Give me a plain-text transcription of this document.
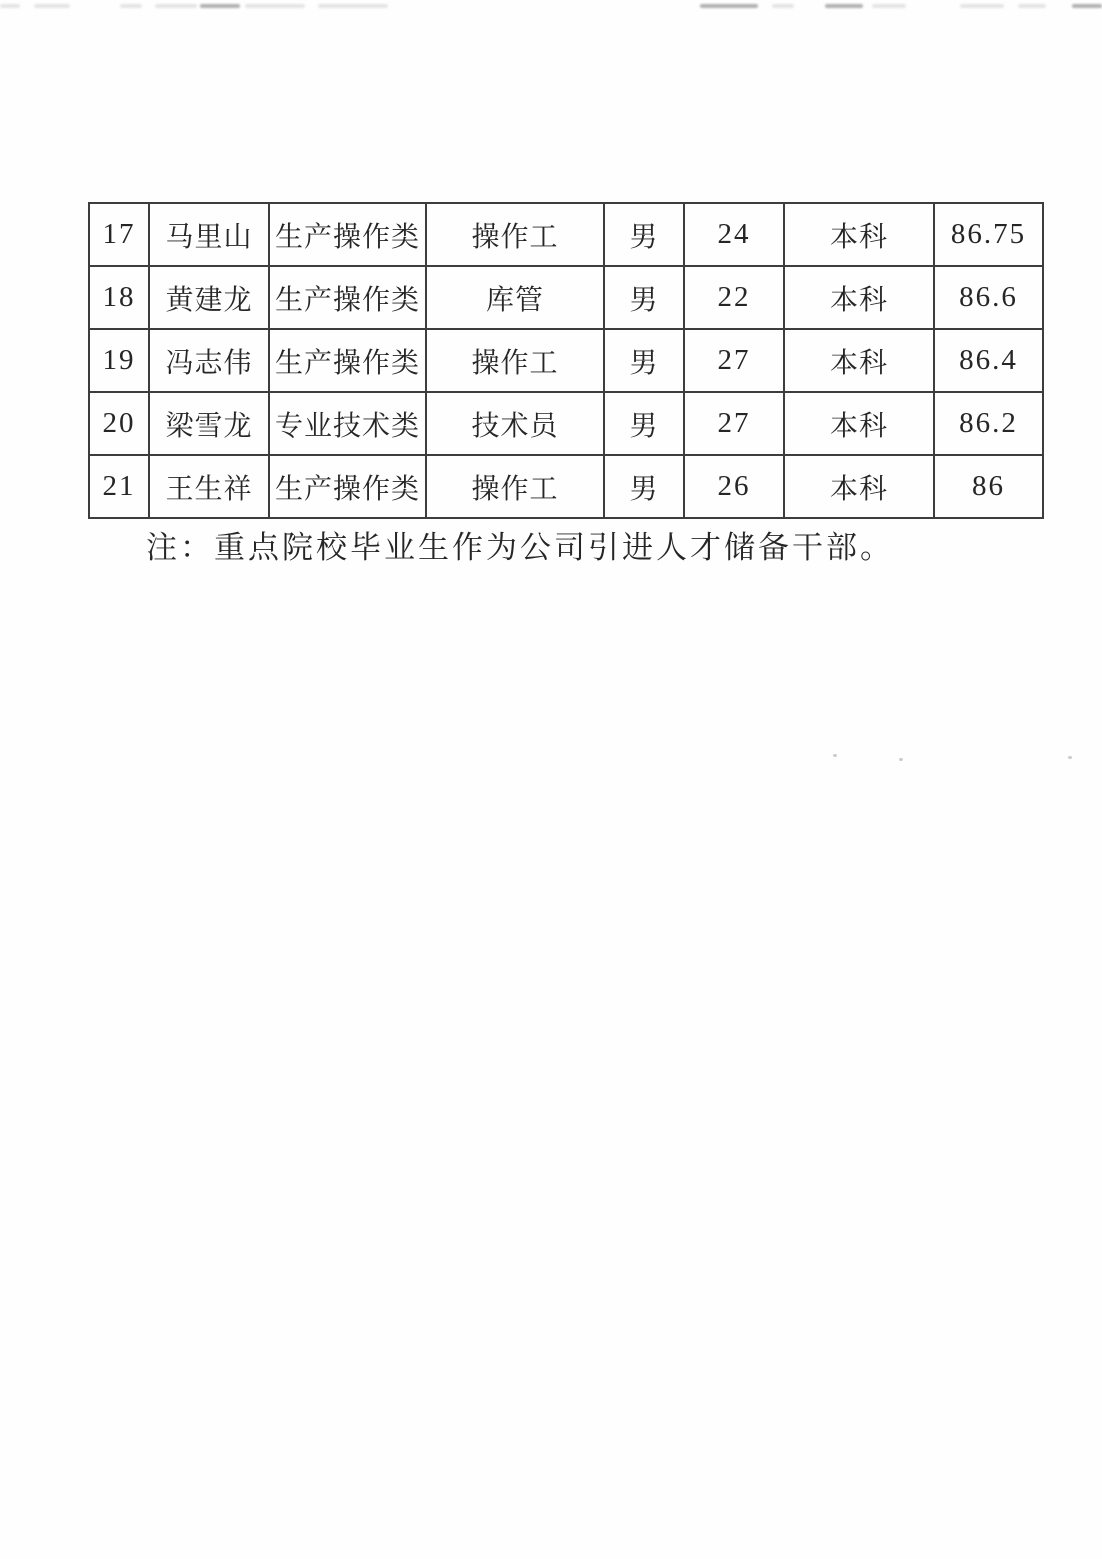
17	马里山	生产操作类	操作工	男	24	本科	86.75
18	黄建龙	生产操作类	库管	男	22	本科	86.6
19	冯志伟	生产操作类	操作工	男	27	本科	86.4
20	梁雪龙	专业技术类	技术员	男	27	本科	86.2
21	王生祥	生产操作类	操作工	男	26	本科	86
注：重点院校毕业生作为公司引进人才储备干部。
